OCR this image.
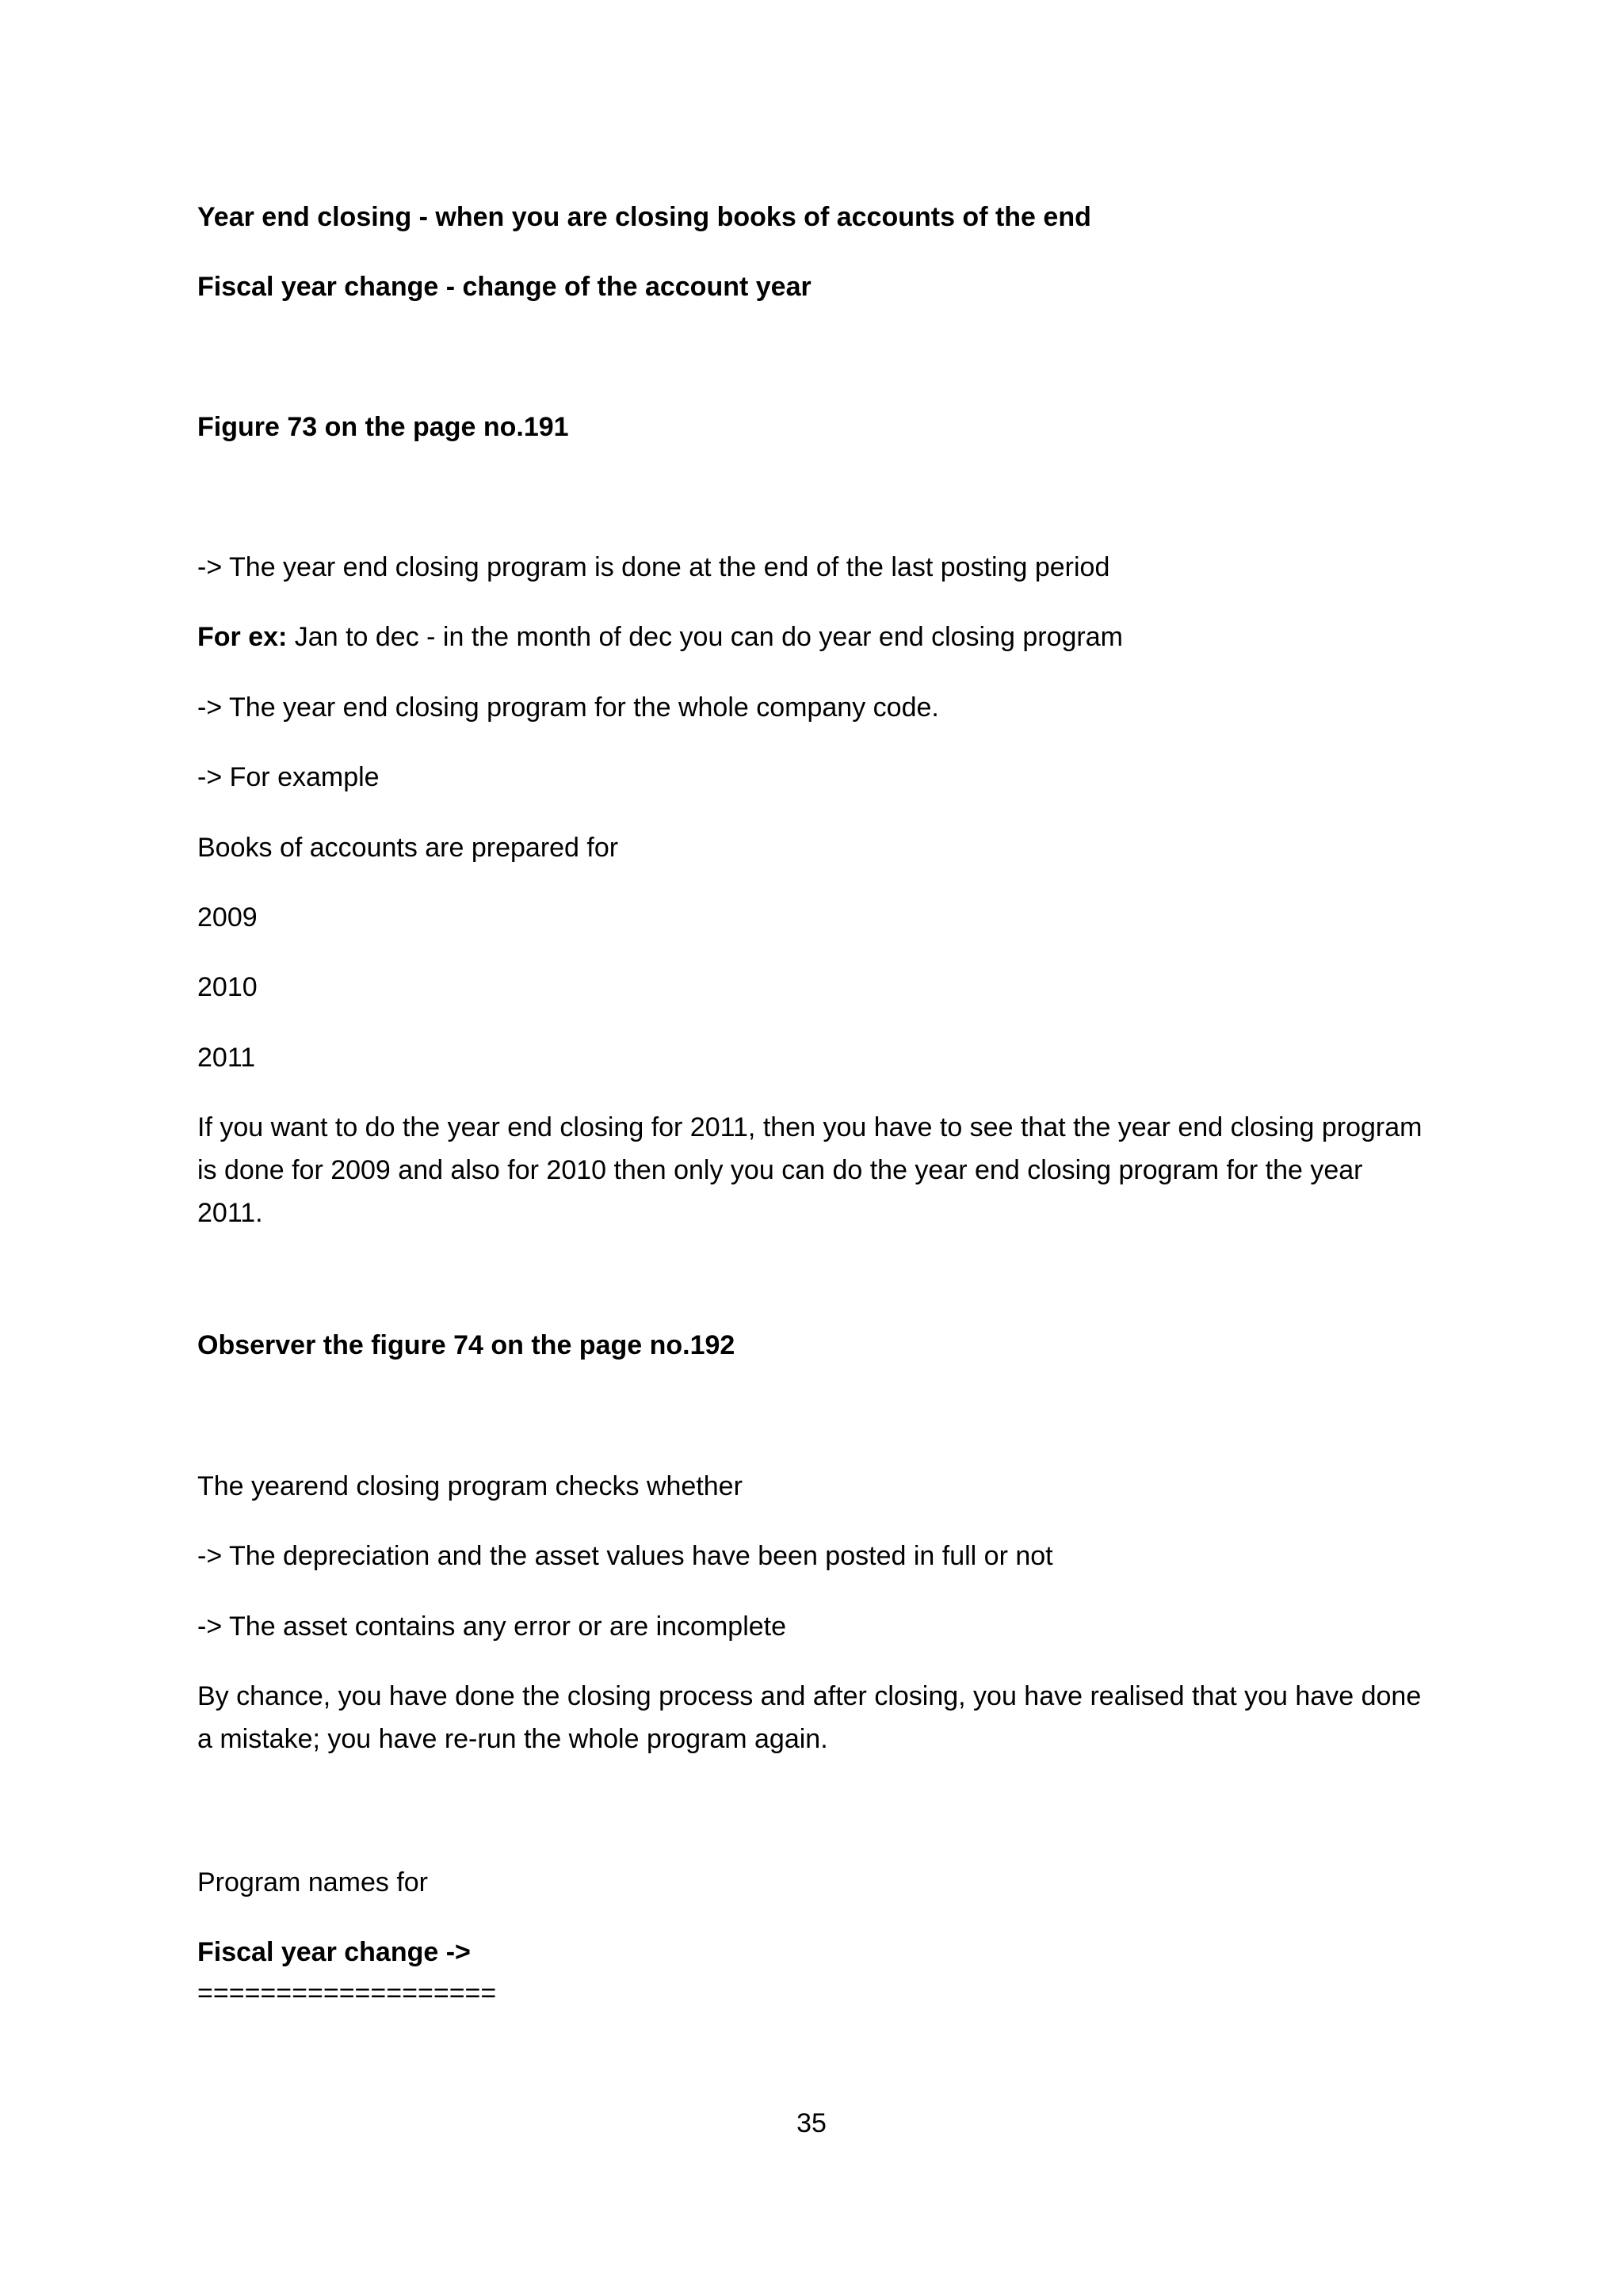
Year end closing - when you are closing books of accounts of the end
Fiscal year change - change of the account year
Figure 73 on the page no.191
-> The year end closing program is done at the end of the last posting period
For ex: Jan to dec - in the month of dec you can do year end closing program
-> The year end closing program for the whole company code.
-> For example
Books of accounts are prepared for
2009
2010
2011
If you want to do the year end closing for 2011, then you have to see that the year end closing program is done for 2009 and also for 2010 then only you can do the year end closing program for the year 2011.
Observer the figure 74 on the page no.192
The yearend closing program checks whether
-> The depreciation and the asset values have been posted in full or not
-> The asset contains any error or are incomplete
By chance, you have done the closing process and after closing, you have realised that you have done a mistake; you have re-run the whole program again.
Program names for
Fiscal year change ->
===================
35
